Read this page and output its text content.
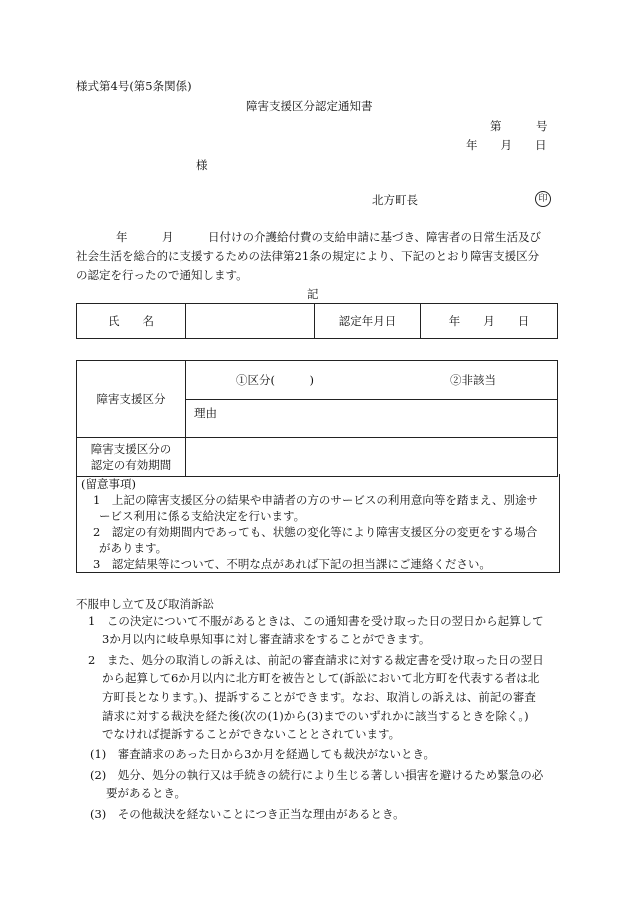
様式第4号(第5条関係)
障害支援区分認定通知書
第　　　号
年　　月　　日
様
北方町長	印
年　　　月　　　日付けの介護給付費の支給申請に基づき、障害者の日常生活及び
社会生活を総合的に支援するための法律第21条の規定により、下記のとおり障害支援区分
の認定を行ったので通知します。
記
氏　　名		認定年月日	年　　月　　日
障害支援区分	①区分(　　　) ②非該当

	理由

障害支援区分の
認定の有効期間	

(留意事項)
1　上記の障害支援区分の結果や申請者の方のサービスの利用意向等を踏まえ、別途サ
ービス利用に係る支給決定を行います。
2　認定の有効期間内であっても、状態の変化等により障害支援区分の変更をする場合
があります。
3　認定結果等について、不明な点があれば下記の担当課にご連絡ください。
不服申し立て及び取消訴訟
1　この決定について不服があるときは、この通知書を受け取った日の翌日から起算して
3か月以内に岐阜県知事に対し審査請求をすることができます。
2　また、処分の取消しの訴えは、前記の審査請求に対する裁定書を受け取った日の翌日
から起算して6か月以内に北方町を被告として(訴訟において北方町を代表する者は北
方町長となります。)、提訴することができます。なお、取消しの訴えは、前記の審査
請求に対する裁決を経た後(次の(1)から(3)までのいずれかに該当するときを除く。)
でなければ提訴することができないこととされています。
(1)　審査請求のあった日から3か月を経過しても裁決がないとき。
(2)　処分、処分の執行又は手続きの続行により生じる著しい損害を避けるため緊急の必
要があるとき。
(3)　その他裁決を経ないことにつき正当な理由があるとき。
